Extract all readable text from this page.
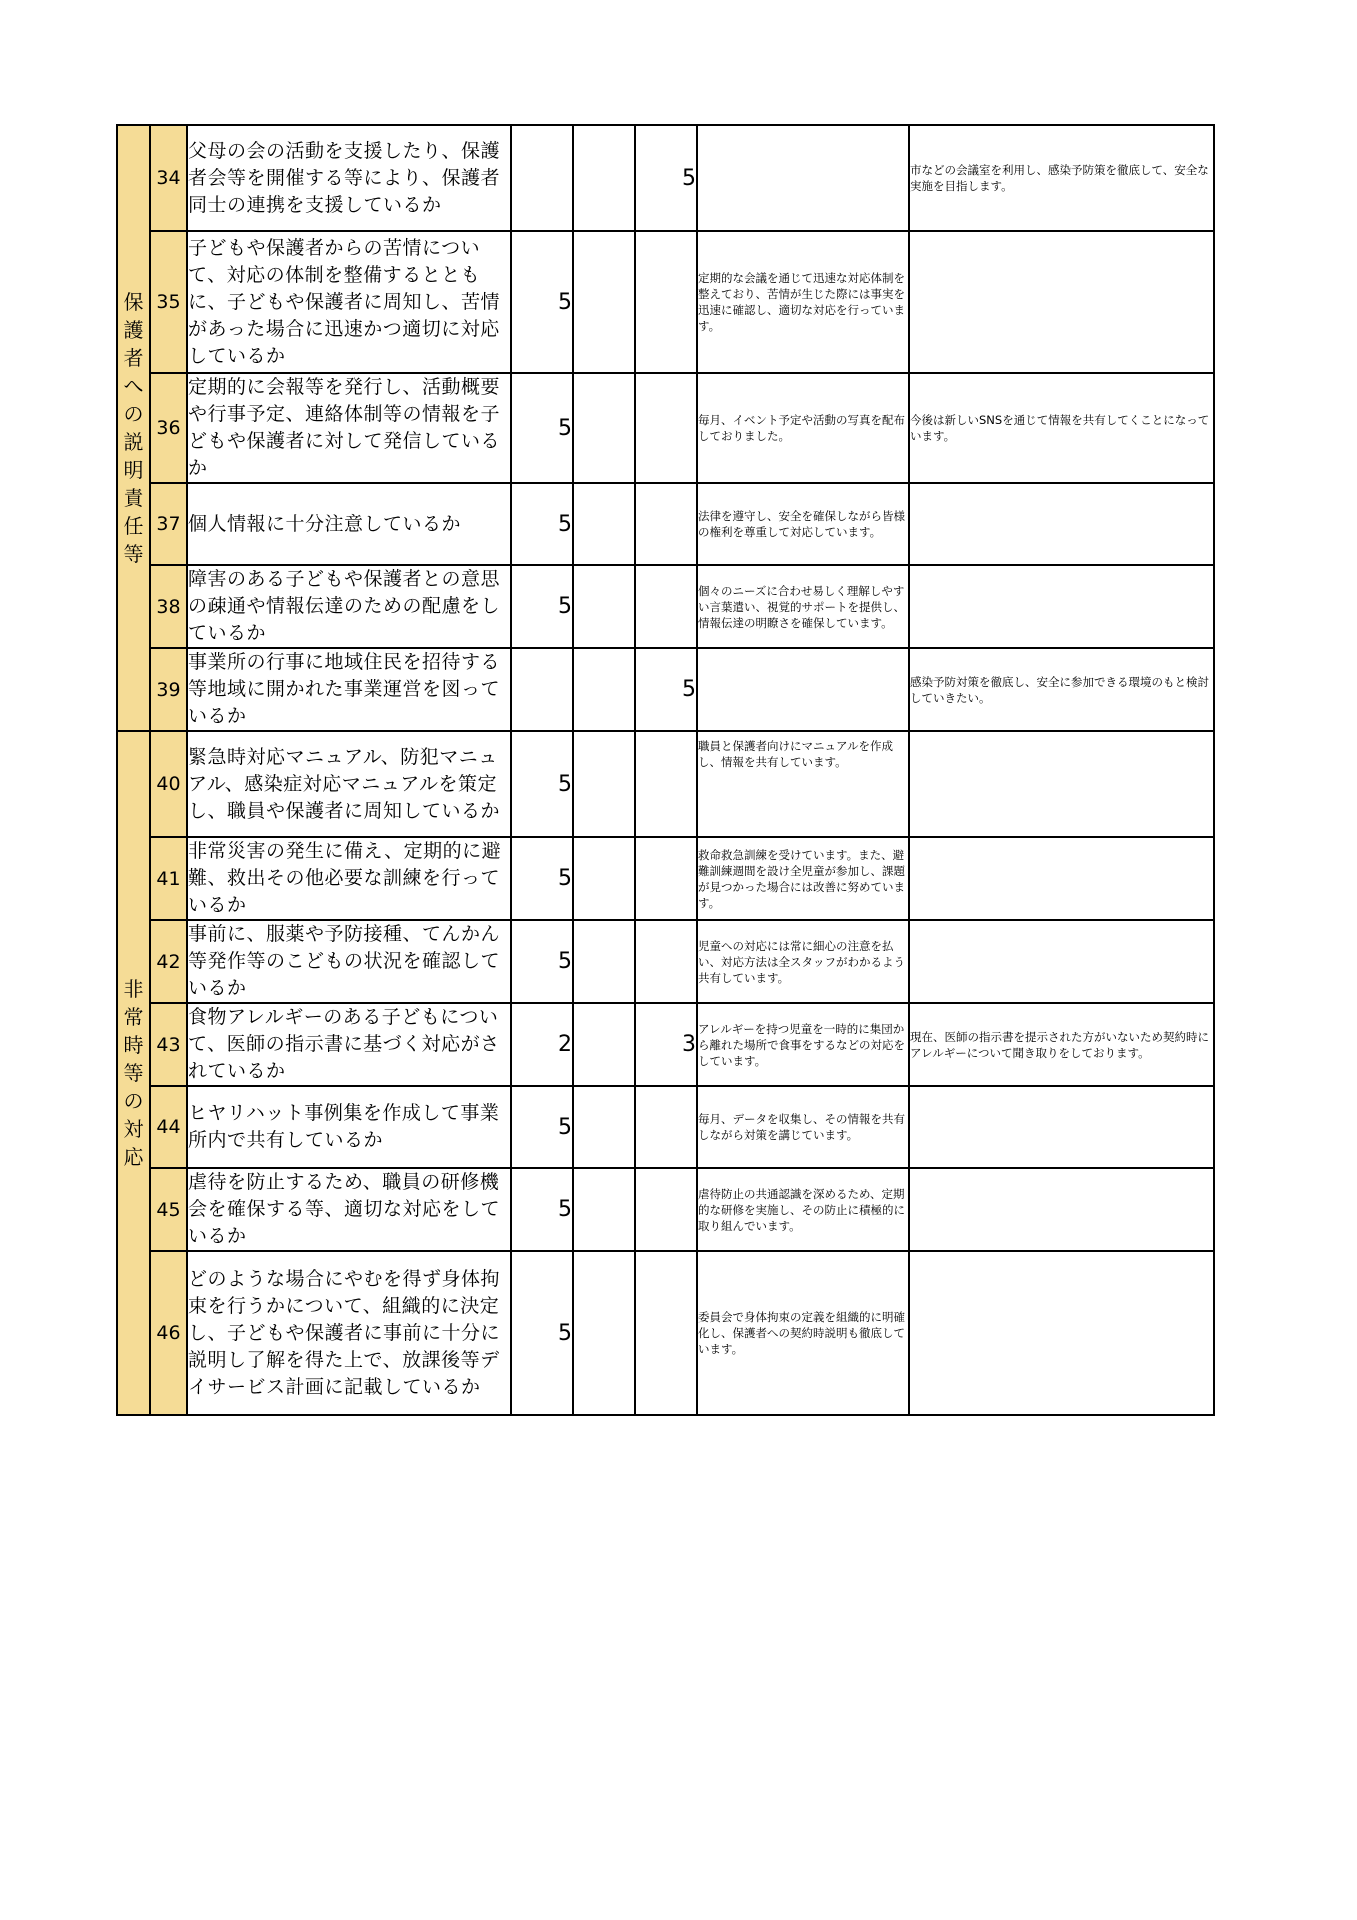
保護者への説明責任等	34	父母の会の活動を支援したり、保護者会等を開催する等により、保護者同士の連携を支援しているか			5		市などの会議室を利用し、感染予防策を徹底して、安全な実施を目指します。
	35	子どもや保護者からの苦情について、対応の体制を整備するとともに、子どもや保護者に周知し、苦情があった場合に迅速かつ適切に対応しているか	5			定期的な会議を通じて迅速な対応体制を整えており、苦情が生じた際には事実を迅速に確認し、適切な対応を行っています。	
	36	定期的に会報等を発行し、活動概要や行事予定、連絡体制等の情報を子どもや保護者に対して発信しているか	5			毎月、イベント予定や活動の写真を配布しておりました。	今後は新しいSNSを通じて情報を共有してくことになっています。
	37	個人情報に十分注意しているか	5			法律を遵守し、安全を確保しながら皆様の権利を尊重して対応しています。	
	38	障害のある子どもや保護者との意思の疎通や情報伝達のための配慮をしているか	5			個々のニーズに合わせ易しく理解しやすい言葉遣い、視覚的サポートを提供し、情報伝達の明瞭さを確保しています。	
	39	事業所の行事に地域住民を招待する等地域に開かれた事業運営を図っているか			5		感染予防対策を徹底し、安全に参加できる環境のもと検討していきたい。
非常時等の対応	40	緊急時対応マニュアル、防犯マニュアル、感染症対応マニュアルを策定し、職員や保護者に周知しているか	5			職員と保護者向けにマニュアルを作成し、情報を共有しています。	
	41	非常災害の発生に備え、定期的に避難、救出その他必要な訓練を行っているか	5			救命救急訓練を受けています。また、避難訓練週間を設け全児童が参加し、課題が見つかった場合には改善に努めています。	
	42	事前に、服薬や予防接種、てんかん等発作等のこどもの状況を確認しているか	5			児童への対応には常に細心の注意を払い、対応方法は全スタッフがわかるよう共有しています。	
	43	食物アレルギーのある子どもについて、医師の指示書に基づく対応がされているか	2		3	アレルギーを持つ児童を一時的に集団から離れた場所で食事をするなどの対応をしています。	現在、医師の指示書を提示された方がいないため契約時にアレルギーについて聞き取りをしております。
	44	ヒヤリハット事例集を作成して事業所内で共有しているか	5			毎月、データを収集し、その情報を共有しながら対策を講じています。	
	45	虐待を防止するため、職員の研修機会を確保する等、適切な対応をしているか	5			虐待防止の共通認識を深めるため、定期的な研修を実施し、その防止に積極的に取り組んでいます。	
	46	どのような場合にやむを得ず身体拘束を行うかについて、組織的に決定し、子どもや保護者に事前に十分に説明し了解を得た上で、放課後等デイサービス計画に記載しているか	5			委員会で身体拘束の定義を組織的に明確化し、保護者への契約時説明も徹底しています。	
